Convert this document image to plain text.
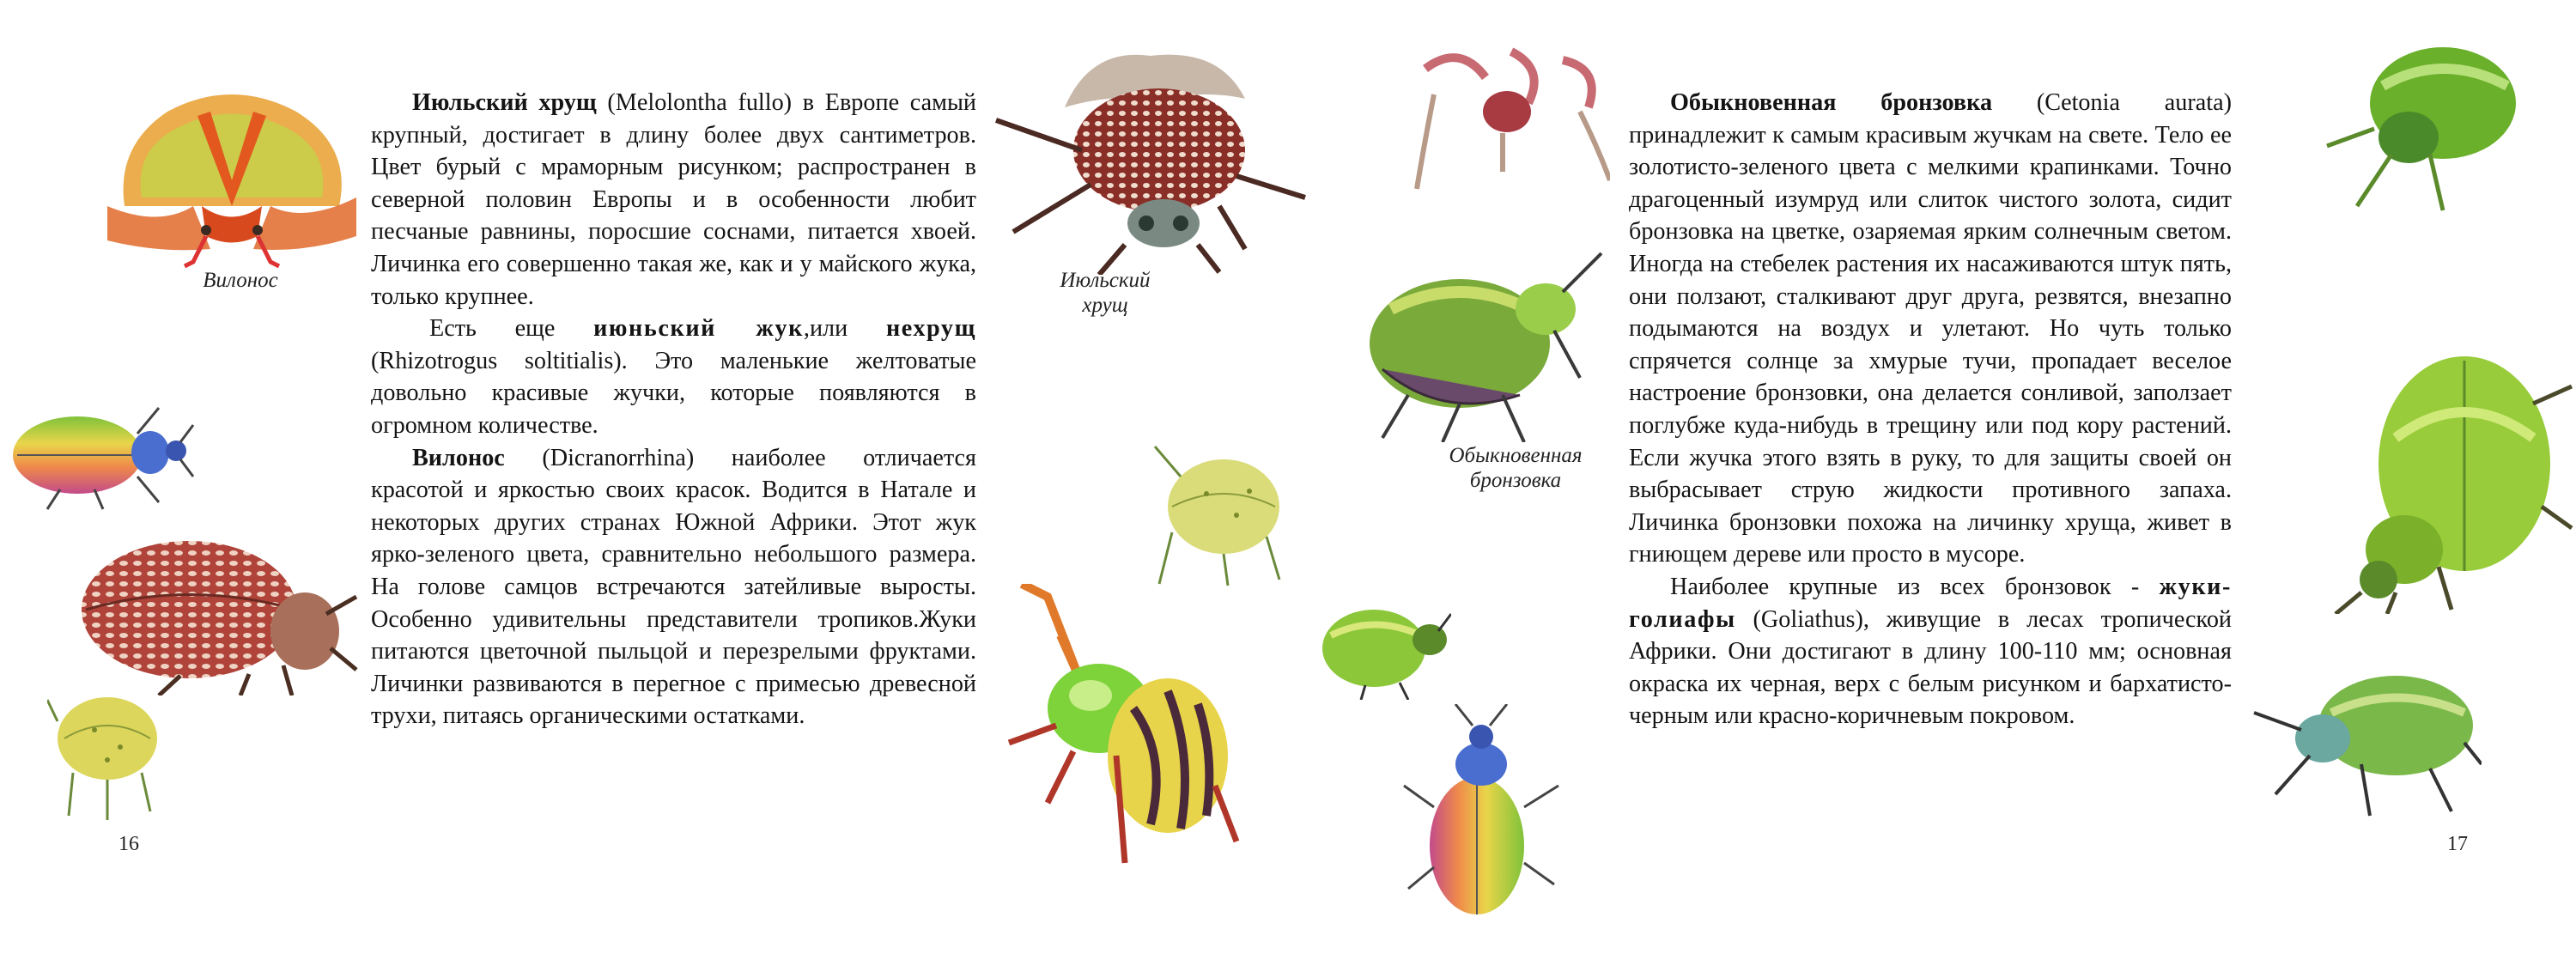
Июльский хрущ (Melolontha fullo) в Европе самый крупный, достигает в длину более двух сантиметров. Цвет бурый с мраморным рисунком; распространен в северной половин Европы и в особенности любит песчаные равнины, поросшие соснами, питается хвоей. Личинка его совершенно такая же, как и у майского жука, только крупнее.

Есть еще июньский жук,или нехрущ (Rhizotrogus soltitialis). Это маленькие желтоватые довольно красивые жучки, которые появляются в огромном количестве.

Вилонос (Dicranorrhina) наиболее отличается красотой и яркостью своих красок. Водится в Натале и некоторых других странах Южной Африки. Этот жук ярко-зеленого цвета, сравнительно небольшого размера. На голове самцов встречаются затейливые выросты. Особенно удивительны представители тропиков.Жуки питаются цветочной пыльцой и перезрелыми фруктами. Личинки развиваются в перегное с примесью древесной трухи, питаясь органическими остатками.

Обыкновенная бронзовка (Cetonia aurata) принадлежит к самым красивым жучкам на свете. Тело ее золотисто-зеленого цвета с мелкими крапинками. Точно драгоценный изумруд или слиток чистого золота, сидит бронзовка на цветке, озаряемая ярким солнечным светом. Иногда на стебелек растения их насаживаются штук пять, они ползают, сталкивают друг друга, резвятся, внезапно подымаются на воздух и улетают. Но чуть только спрячется солнце за хмурые тучи, пропадает веселое настроение бронзовки, она делается сонливой, заползает поглубже куда-нибудь в трещину или под кору растений. Если жучка этого взять в руку, то для защиты своей он выбрасывает струю жидкости противного запаха. Личинка бронзовки похожа на личинку хруща, живет в гниющем дереве или просто в мусоре.

Наиболее крупные из всех бронзовок - жуки-голиафы (Goliathus), живущие в лесах тропической Африки. Они достигают в длину 100-110 мм; основная окраска их черная, верх с белым рисунком и бархатисто-черным или красно-коричневым покровом.

Вилонос	Июльский
хрущ
Обыкновенная
бронзовка
16	17
